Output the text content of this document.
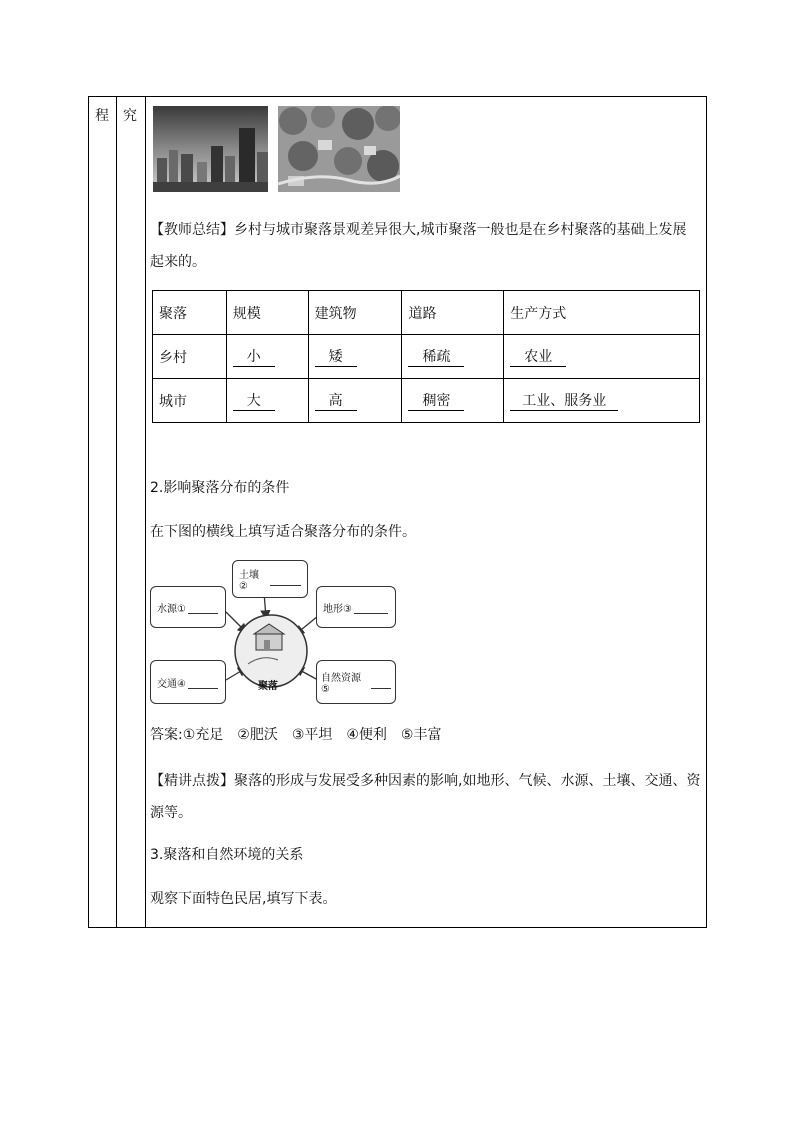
程 究
【教师总结】乡村与城市聚落景观差异很大,城市聚落一般也是在乡村聚落的基础上发展
起来的。
聚落	规模	建筑物	道路	生产方式
乡村	小	矮	稀疏	农业
城市	大	高	稠密	工业、服务业
2.影响聚落分布的条件
在下图的横线上填写适合聚落分布的条件。
聚落
土壤②
水源①	地形③
交通④	自然资源⑤
答案:①充足　②肥沃　③平坦　④便利　⑤丰富
【精讲点拨】聚落的形成与发展受多种因素的影响,如地形、气候、水源、土壤、交通、资
源等。
3.聚落和自然环境的关系
观察下面特色民居,填写下表。
